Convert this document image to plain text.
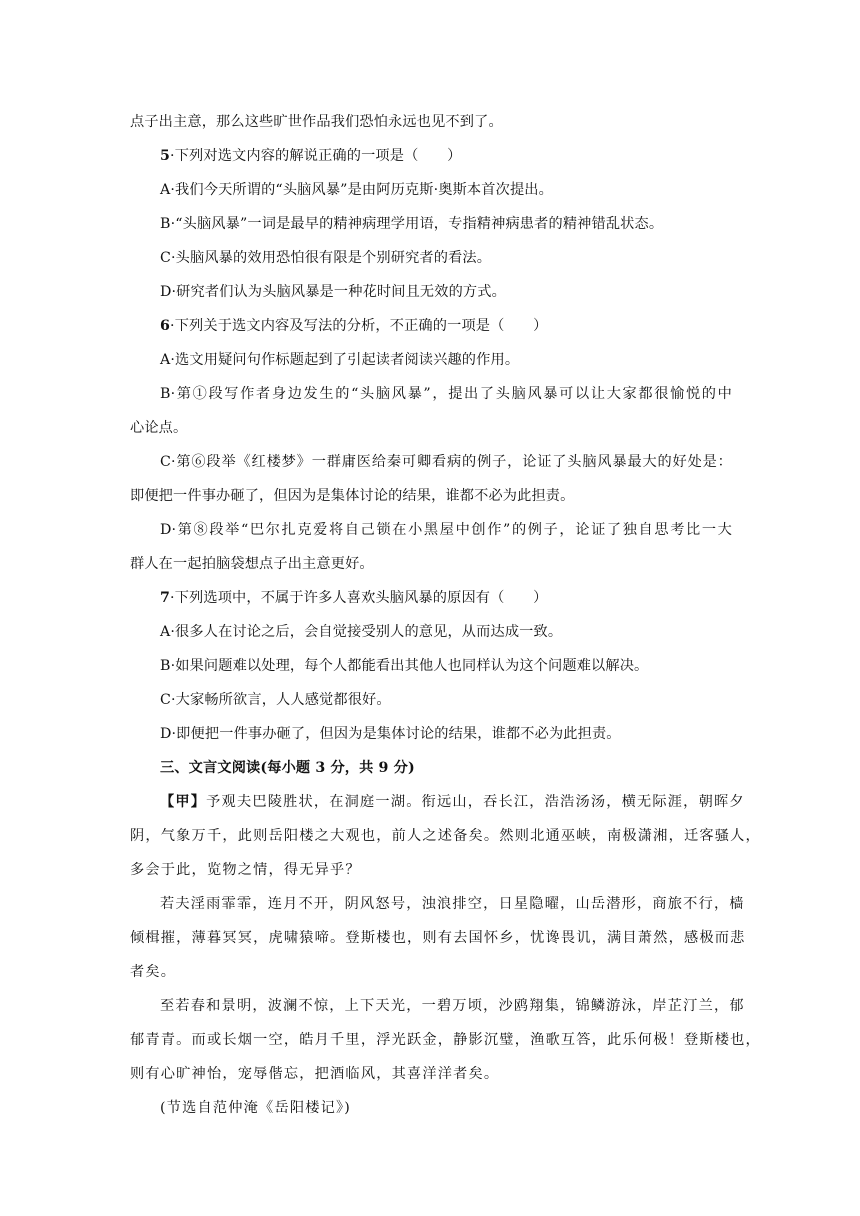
点子出主意，那么这些旷世作品我们恐怕永远也见不到了。
5·下列对选文内容的解说正确的一项是（　　）
A·我们今天所谓的“头脑风暴”是由阿历克斯·奥斯本首次提出。
B·“头脑风暴”一词是最早的精神病理学用语，专指精神病患者的精神错乱状态。
C·头脑风暴的效用恐怕很有限是个别研究者的看法。
D·研究者们认为头脑风暴是一种花时间且无效的方式。
6·下列关于选文内容及写法的分析，不正确的一项是（　　）
A·选文用疑问句作标题起到了引起读者阅读兴趣的作用。
B·第①段写作者身边发生的“头脑风暴”，提出了头脑风暴可以让大家都很愉悦的中
心论点。
C·第⑥段举《红楼梦》一群庸医给秦可卿看病的例子，论证了头脑风暴最大的好处是：
即便把一件事办砸了，但因为是集体讨论的结果，谁都不必为此担责。
D·第⑧段举“巴尔扎克爱将自己锁在小黑屋中创作”的例子，论证了独自思考比一大
群人在一起拍脑袋想点子出主意更好。
7·下列选项中，不属于许多人喜欢头脑风暴的原因有（　　）
A·很多人在讨论之后，会自觉接受别人的意见，从而达成一致。
B·如果问题难以处理，每个人都能看出其他人也同样认为这个问题难以解决。
C·大家畅所欲言，人人感觉都很好。
D·即便把一件事办砸了，但因为是集体讨论的结果，谁都不必为此担责。
三、文言文阅读(每小题 3 分，共 9 分)
【甲】予观夫巴陵胜状，在洞庭一湖。衔远山，吞长江，浩浩汤汤，横无际涯，朝晖夕
阴，气象万千，此则岳阳楼之大观也，前人之述备矣。然则北通巫峡，南极潇湘，迁客骚人，
多会于此，览物之情，得无异乎？
若夫淫雨霏霏，连月不开，阴风怒号，浊浪排空，日星隐曜，山岳潜形，商旅不行，樯
倾楫摧，薄暮冥冥，虎啸猿啼。登斯楼也，则有去国怀乡，忧谗畏讥，满目萧然，感极而悲
者矣。
至若春和景明，波澜不惊，上下天光，一碧万顷，沙鸥翔集，锦鳞游泳，岸芷汀兰，郁
郁青青。而或长烟一空，皓月千里，浮光跃金，静影沉璧，渔歌互答，此乐何极！登斯楼也，
则有心旷神怡，宠辱偕忘，把酒临风，其喜洋洋者矣。
(节选自范仲淹《岳阳楼记》)
